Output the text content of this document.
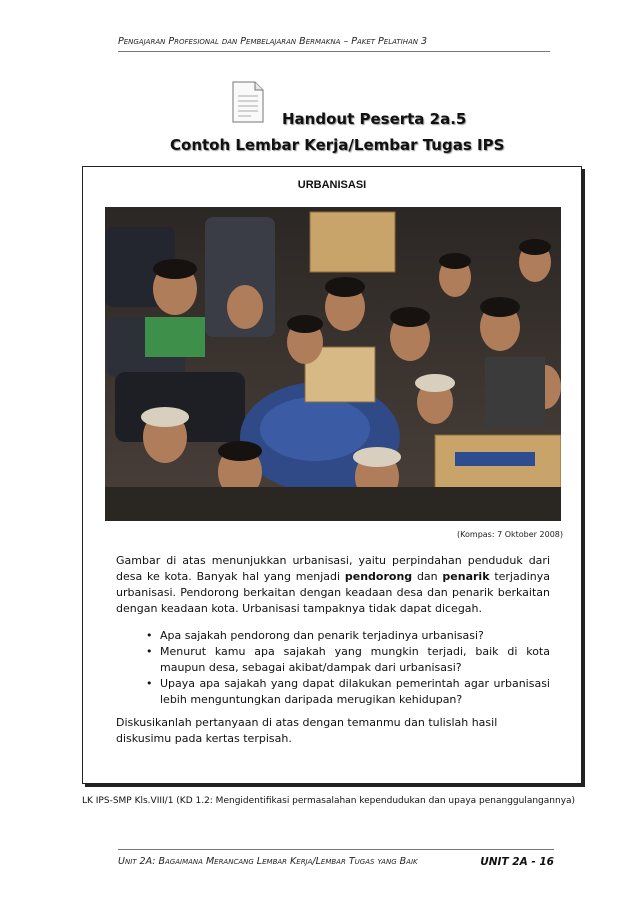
Pengajaran Profesional dan Pembelajaran Bermakna – Paket Pelatihan 3
Handout Peserta 2a.5
Contoh Lembar Kerja/Lembar Tugas IPS
URBANISASI
(Kompas: 7 Oktober 2008)
Gambar di atas menunjukkan urbanisasi, yaitu perpindahan penduduk dari desa ke kota. Banyak hal yang menjadi pendorong dan penarik terjadinya urbanisasi. Pendorong berkaitan dengan keadaan desa dan penarik berkaitan dengan keadaan kota. Urbanisasi tampaknya tidak dapat dicegah.
• Apa sajakah pendorong dan penarik terjadinya urbanisasi?
• Menurut kamu apa sajakah yang mungkin terjadi, baik di kota maupun desa, sebagai akibat/dampak dari urbanisasi?
• Upaya apa sajakah yang dapat dilakukan pemerintah agar urbanisasi lebih menguntungkan daripada merugikan kehidupan?
Diskusikanlah pertanyaan di atas dengan temanmu dan tulislah hasil diskusimu pada kertas terpisah.
LK IPS-SMP Kls.VIII/1 (KD 1.2: Mengidentifikasi permasalahan kependudukan dan upaya penanggulangannya)
Unit 2A: Bagaimana Merancang Lembar Kerja/Lembar Tugas yang Baik	UNIT 2A - 16
